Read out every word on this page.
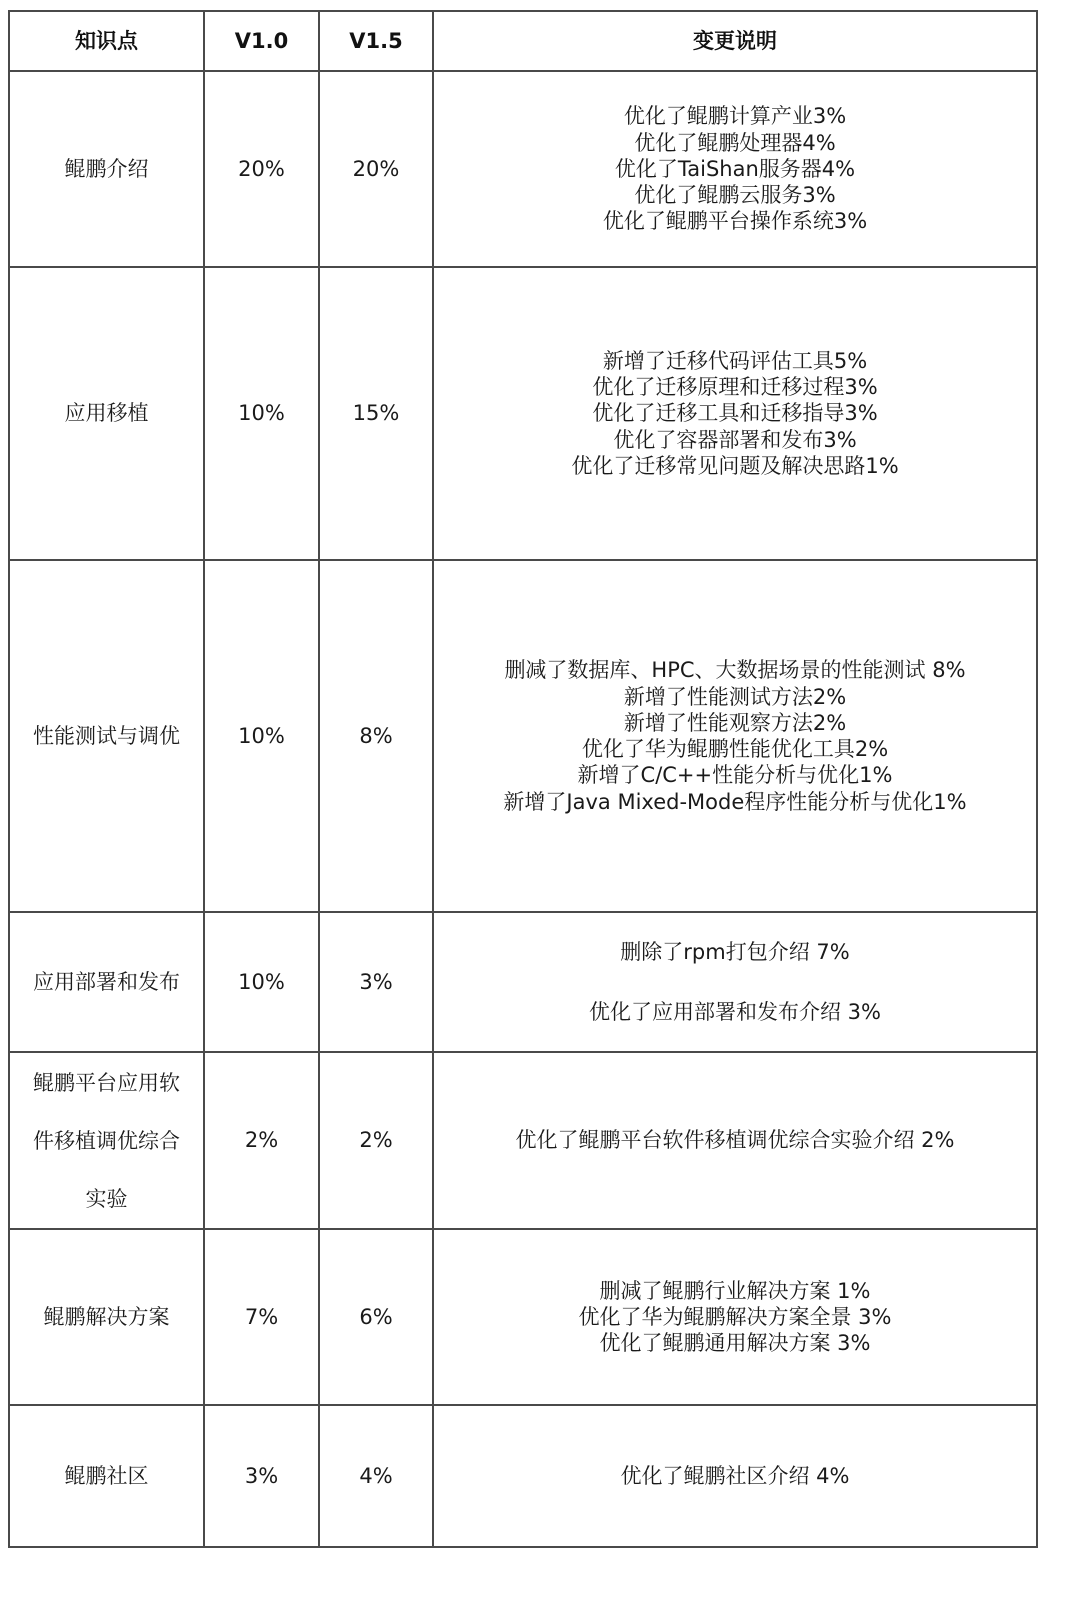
知识点	V1.0	V1.5	变更说明
鲲鹏介绍	20%	20%	优化了鲲鹏计算产业3%
优化了鲲鹏处理器4%
优化了TaiShan服务器4%
优化了鲲鹏云服务3%
优化了鲲鹏平台操作系统3%

应用移植	10%	15%	新增了迁移代码评估工具5%
优化了迁移原理和迁移过程3%
优化了迁移工具和迁移指导3%
优化了容器部署和发布3%
优化了迁移常见问题及解决思路1%

性能测试与调优	10%	8%	
删减了数据库、HPC、大数据场景的性能测试 8%
新增了性能测试方法2%
新增了性能观察方法2%
优化了华为鲲鹏性能优化工具2%
新增了C/C++性能分析与优化1%
新增了Java Mixed-Mode程序性能分析与优化1%

应用部署和发布	10%	3%	删除了rpm打包介绍 7%
优化了应用部署和发布介绍 3%

鲲鹏平台应用软
件移植调优综合
实验	2%	2%	优化了鲲鹏平台软件移植调优综合实验介绍 2%

鲲鹏解决方案	7%	6%	删减了鲲鹏行业解决方案 1%
优化了华为鲲鹏解决方案全景 3%
优化了鲲鹏通用解决方案 3%

鲲鹏社区	3%	4%	优化了鲲鹏社区介绍 4%
